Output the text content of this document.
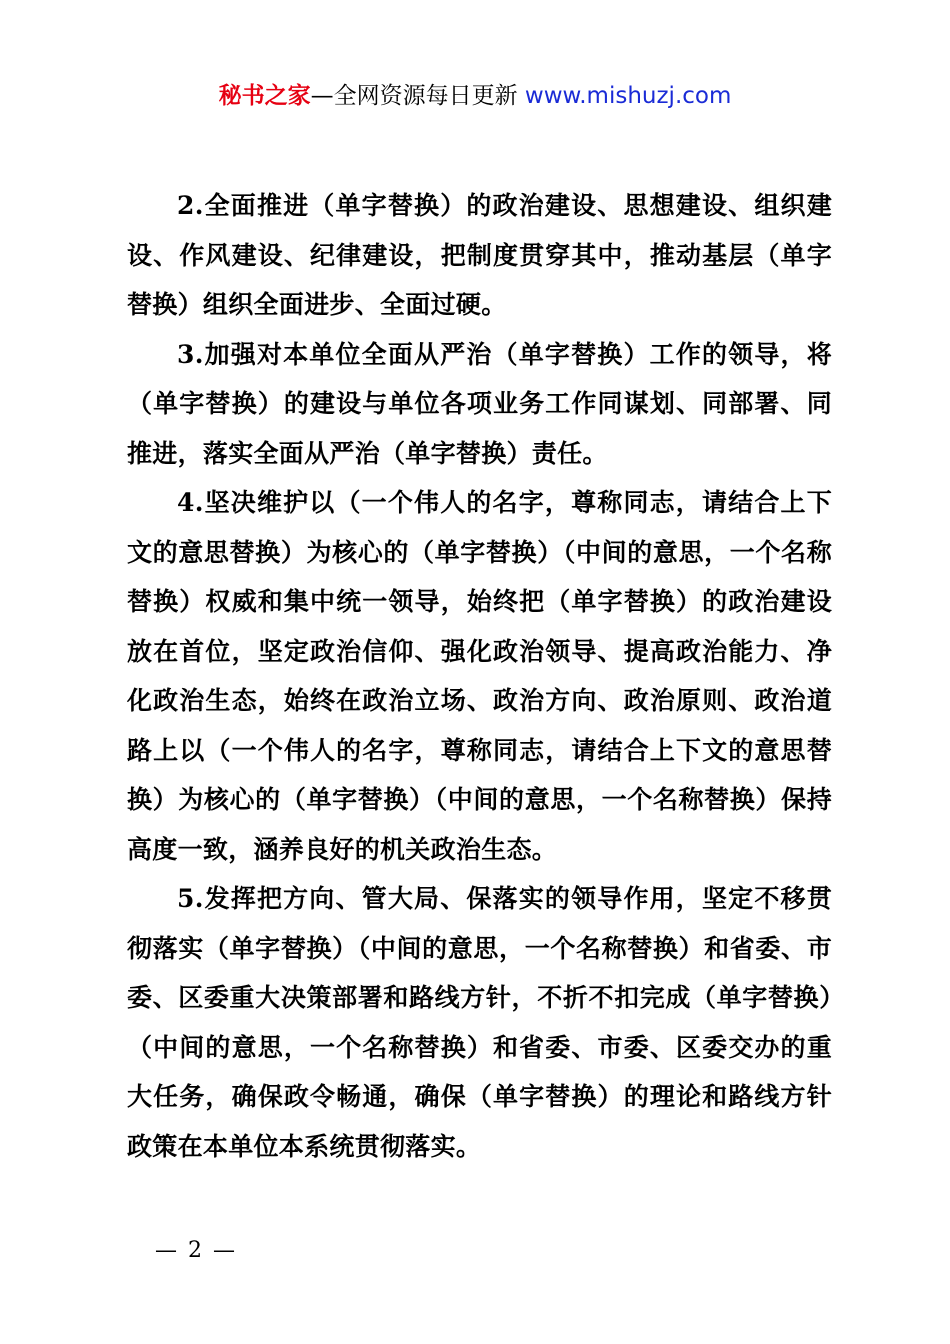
秘书之家—全网资源每日更新 www.mishuzj.com

2.全面推进（单字替换）的政治建设、思想建设、组织建设、作风建设、纪律建设，把制度贯穿其中，推动基层（单字替换）组织全面进步、全面过硬。

3.加强对本单位全面从严治（单字替换）工作的领导，将（单字替换）的建设与单位各项业务工作同谋划、同部署、同推进，落实全面从严治（单字替换）责任。

4.坚决维护以（一个伟人的名字，尊称同志，请结合上下文的意思替换）为核心的（单字替换）（中间的意思，一个名称替换）权威和集中统一领导，始终把（单字替换）的政治建设放在首位，坚定政治信仰、强化政治领导、提高政治能力、净化政治生态，始终在政治立场、政治方向、政治原则、政治道路上以（一个伟人的名字，尊称同志，请结合上下文的意思替换）为核心的（单字替换）（中间的意思，一个名称替换）保持高度一致，涵养良好的机关政治生态。

5.发挥把方向、管大局、保落实的领导作用，坚定不移贯彻落实（单字替换）（中间的意思，一个名称替换）和省委、市委、区委重大决策部署和路线方针，不折不扣完成（单字替换）（中间的意思，一个名称替换）和省委、市委、区委交办的重大任务，确保政令畅通，确保（单字替换）的理论和路线方针政策在本单位本系统贯彻落实。

— 2 —
